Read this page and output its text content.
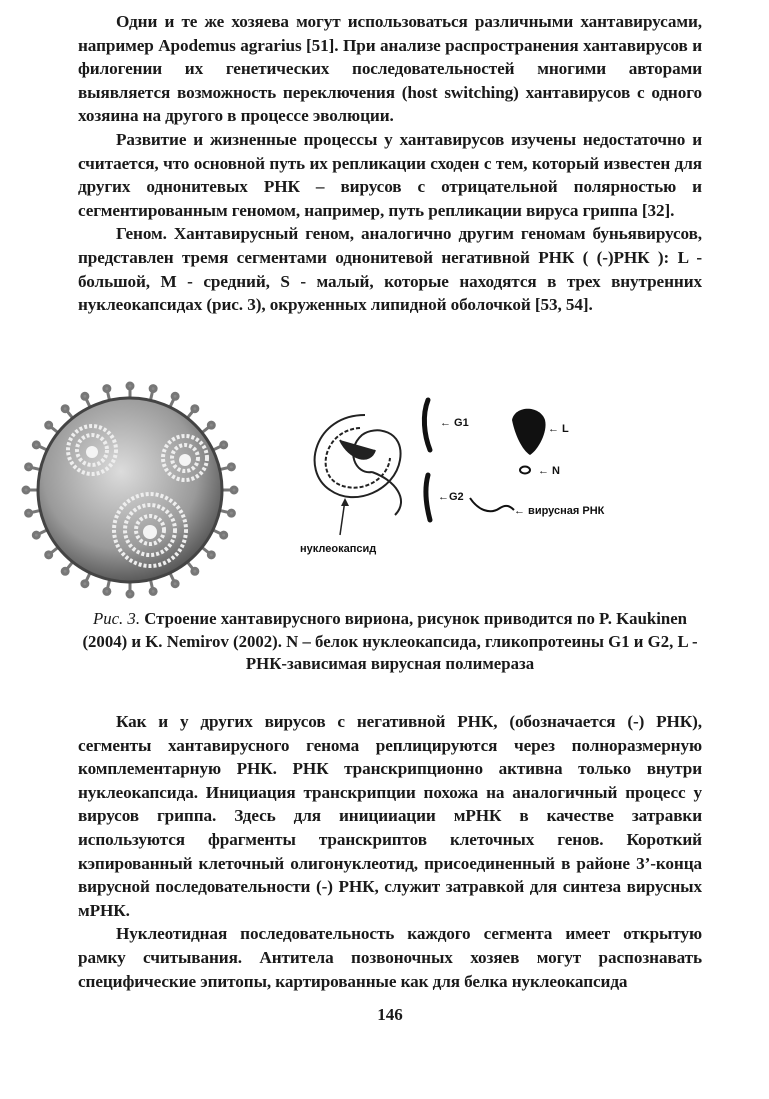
Одни и те же хозяева могут использоваться различными хантавирусами, например Apodemus agrarius [51]. При анализе распространения хантавирусов и филогении их генетических последовательностей многими авторами выявляется возможность переключения (host switching) хантавирусов с одного хозяина на другого в процессе эволюции.

Развитие и жизненные процессы у хантавирусов изучены недостаточно и считается, что основной путь их репликации сходен с тем, который известен для других однонитевых РНК – вирусов с отрицательной полярностью и сегментированным геномом, например, путь репликации вируса гриппа [32].

Геном. Хантавирусный геном, аналогично другим геномам буньявирусов, представлен тремя сегментами однонитевой негативной РНК ( (-)РНК ): L - большой, M - средний, S - малый, которые находятся в трех внутренних нуклеокапсидах (рис. 3), окруженных липидной оболочкой [53, 54].

нуклеокапсид
← G1
←G2
← L
← N
← вирусная РНК
Рис. 3. Строение хантавирусного вириона, рисунок приводится по P. Kaukinen (2004) и K. Nemirov (2002). N – белок нуклеокапсида, гликопротеины G1 и G2, L - РНК-зависимая вирусная полимераза

Как и у других вирусов с негативной РНК, (обозначается (-) РНК), сегменты хантавирусного генома реплицируются через полноразмерную комплементарную РНК. РНК транскрипционно активна только внутри нуклеокапсида. Инициация транскрипции похожа на аналогичный процесс у вирусов гриппа. Здесь для иницииации мРНК в качестве затравки используются фрагменты транскриптов клеточных генов. Короткий кэпированный клеточный олигонуклеотид, присоединенный в районе 3’-конца вирусной последовательности (-) РНК, служит затравкой для синтеза вирусных мРНК.

Нуклеотидная последовательность каждого сегмента имеет открытую рамку считывания. Антитела позвоночных хозяев могут распознавать специфические эпитопы, картированные как для белка нуклеокапсида

146
